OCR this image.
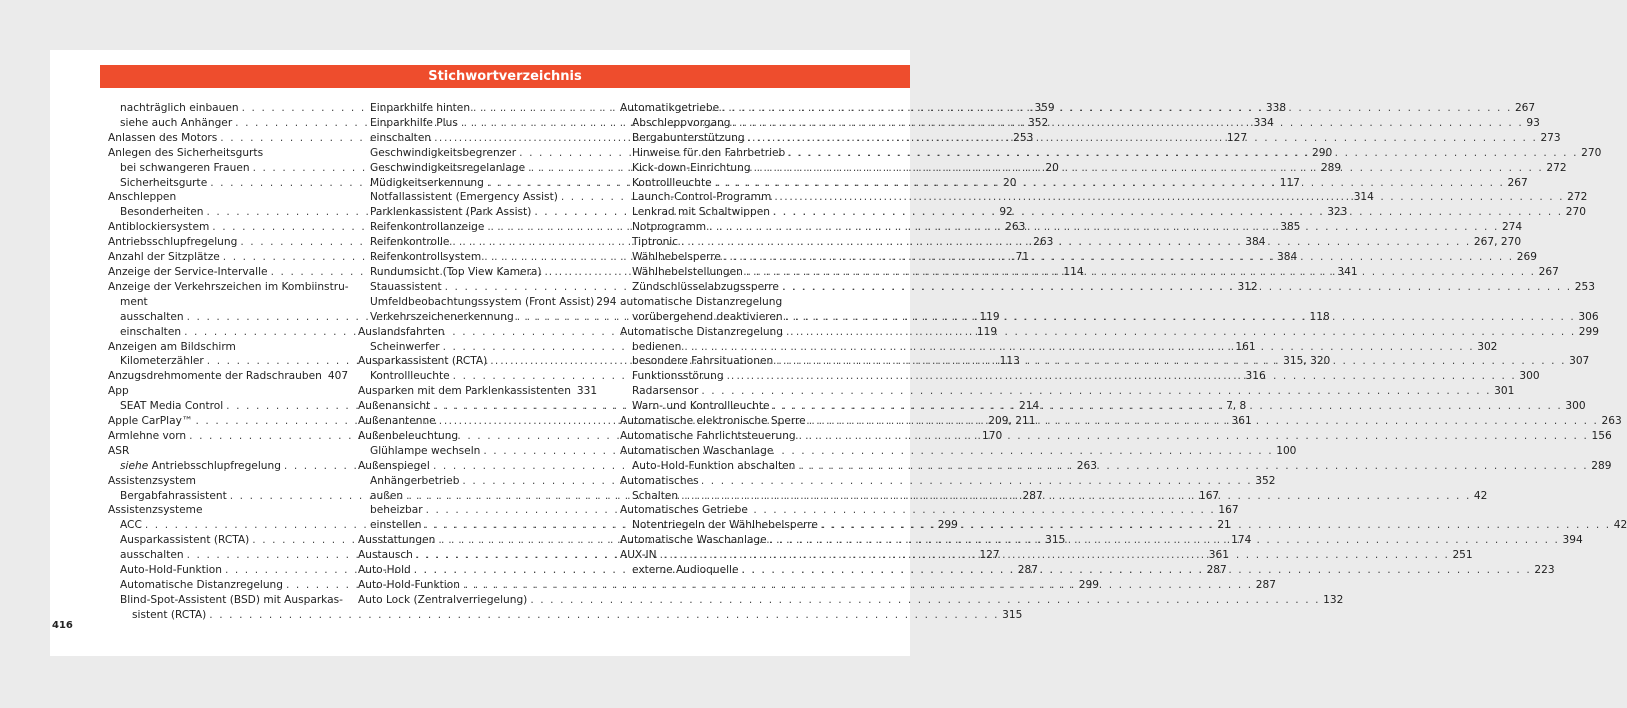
Stichwortverzeichnis
nachträglich einbauen . . .	359
siehe auch Anhänger . . .	352
Anlassen des Motors . . .	253
Anlegen des Sicherheitsgurts
bei schwangeren Frauen . . .	20
Sicherheitsgurte . . .	20
Anschleppen
Besonderheiten . . .	92
Antiblockiersystem . . .	263
Antriebsschlupfregelung . . .	263
Anzahl der Sitzplätze . . .	71
Anzeige der Service-Intervalle . . .	114
Anzeige der Verkehrszeichen im Kombiinstru-
ment
ausschalten . . .	119
einschalten . . .	119
Anzeigen am Bildschirm
Kilometerzähler . . .	113
Anzugsdrehmomente der Radschrauben 407
App
SEAT Media Control . . .	214
Apple CarPlay™ . . .	209, 211
Armlehne vorn . . .	170
ASR
siehe Antriebsschlupfregelung . . .	263
Assistenzsystem
Bergabfahrassistent . . .	287
Assistenzsysteme
ACC . . .	299
Ausparkassistent (RCTA) . . .	315
ausschalten . . .	127
Auto-Hold-Funktion . . .	287
Automatische Distanzregelung . . .	299
Blind-Spot-Assistent (BSD) mit Ausparkas-
sistent (RCTA) . . .	315
Einparkhilfe hinten . . .	338
Einparkhilfe Plus . . .	334
einschalten . . .	127
Geschwindigkeitsbegrenzer . . .	290
Geschwindigkeitsregelanlage . . .	289
Müdigkeitserkennung . . .	117
Notfallassistent (Emergency Assist) . . .	314
Parklenkassistent (Park Assist) . . .	323
Reifenkontrollanzeige . . .	385
Reifenkontrolle . . .	384
Reifenkontrollsystem . . .	384
Rundumsicht (Top View Kamera) . . .	341
Stauassistent . . .	312
Umfeldbeobachtungssystem (Front Assist) 294
Verkehrszeichenerkennung . . .	118
Auslandsfahrten
Scheinwerfer . . .	161
Ausparkassistent (RCTA) . . .	315, 320
Kontrollleuchte . . .	316
Ausparken mit dem Parklenkassistenten 331
Außenansicht . . .	7, 8
Außenantenne . . .	361
Außenbeleuchtung
Glühlampe wechseln . . .	100
Außenspiegel
Anhängerbetrieb . . .	352
außen . . .	167
beheizbar . . .	167
einstellen . . .	21
Ausstattungen . . .	174
Austausch . . .	361
Auto-Hold . . .	287
Auto-Hold-Funktion . . .	287
Auto Lock (Zentralverriegelung) . . .	132
Automatikgetriebe . . .	267
Abschleppvorgang . . .	93
Bergabunterstützung . . .	273
Hinweise für den Fahrbetrieb . . .	270
Kick-down-Einrichtung . . .	272
Kontrollleuchte . . .	267
Launch-Control-Programm . . .	272
Lenkrad mit Schaltwippen . . .	270
Notprogramm . . .	274
Tiptronic . . .	267, 270
Wählhebelsperre . . .	269
Wählhebelstellungen . . .	267
Zündschlüsselabzugssperre . . .	253
automatische Distanzregelung
vorübergehend deaktivieren . . .	306
Automatische Distanzregelung . . .	299
bedienen . . .	302
besondere Fahrsituationen . . .	307
Funktionsstörung . . .	300
Radarsensor . . .	301
Warn- und Kontrollleuchte . . .	300
Automatische elektronische Sperre . . .	263
Automatische Fahrlichtsteuerung . . .	156
Automatischen Waschanlage
Auto-Hold-Funktion abschalten . . .	289
Automatisches
Schalten . . .	42
Automatisches Getriebe
Notentriegeln der Wählhebelsperre . . .	42
Automatische Waschanlage . . .	394
AUX-IN . . .	251
externe Audioquelle . . .	223
416
